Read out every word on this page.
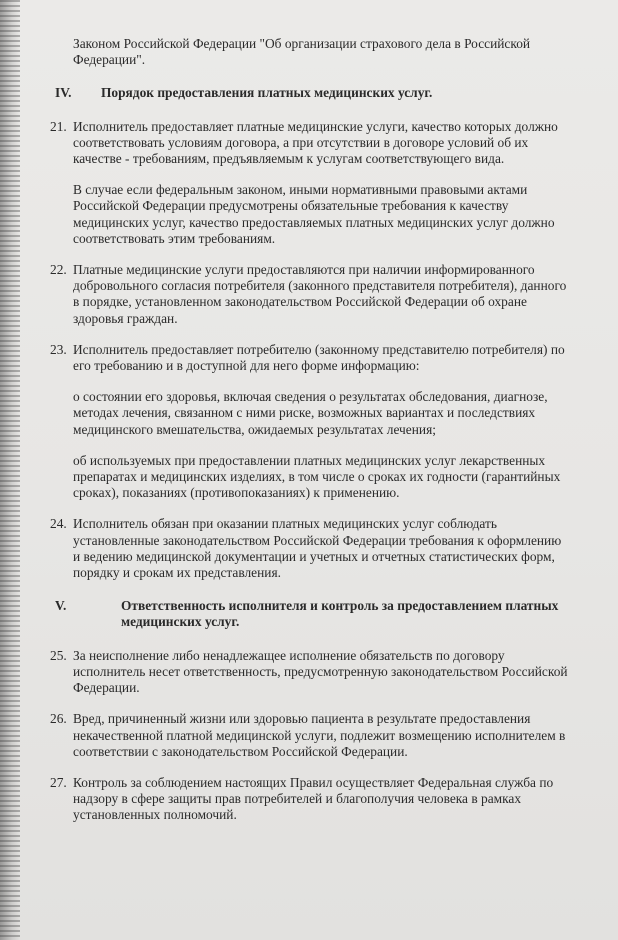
Законом Российской Федерации "Об организации страхового дела в Российской
Федерации".
IV.	Порядок предоставления платных медицинских услуг.
21. Исполнитель предоставляет платные медицинские услуги, качество которых должно
соответствовать условиям договора, а при отсутствии в договоре условий об их
качестве - требованиям, предъявляемым к услугам соответствующего вида.
В случае если федеральным законом, иными нормативными правовыми актами
Российской Федерации предусмотрены обязательные требования к качеству
медицинских услуг, качество предоставляемых платных медицинских услуг должно
соответствовать этим требованиям.
22. Платные медицинские услуги предоставляются при наличии информированного
добровольного согласия потребителя (законного представителя потребителя), данного
в порядке, установленном законодательством Российской Федерации об охране
здоровья граждан.
23. Исполнитель предоставляет потребителю (законному представителю потребителя) по
его требованию и в доступной для него форме информацию:
о состоянии его здоровья, включая сведения о результатах обследования, диагнозе,
методах лечения, связанном с ними риске, возможных вариантах и последствиях
медицинского вмешательства, ожидаемых результатах лечения;
об используемых при предоставлении платных медицинских услуг лекарственных
препаратах и медицинских изделиях, в том числе о сроках их годности (гарантийных
сроках), показаниях (противопоказаниях) к применению.
24. Исполнитель обязан при оказании платных медицинских услуг соблюдать
установленные законодательством Российской Федерации требования к оформлению
и ведению медицинской документации и учетных и отчетных статистических форм,
порядку и срокам их представления.
V.	Ответственность исполнителя и контроль за предоставлением платных
медицинских услуг.
25. За неисполнение либо ненадлежащее исполнение обязательств по договору
исполнитель несет ответственность, предусмотренную законодательством Российской
Федерации.
26. Вред, причиненный жизни или здоровью пациента в результате предоставления
некачественной платной медицинской услуги, подлежит возмещению исполнителем в
соответствии с законодательством Российской Федерации.
27. Контроль за соблюдением настоящих Правил осуществляет Федеральная служба по
надзору в сфере защиты прав потребителей и благополучия человека в рамках
установленных полномочий.
